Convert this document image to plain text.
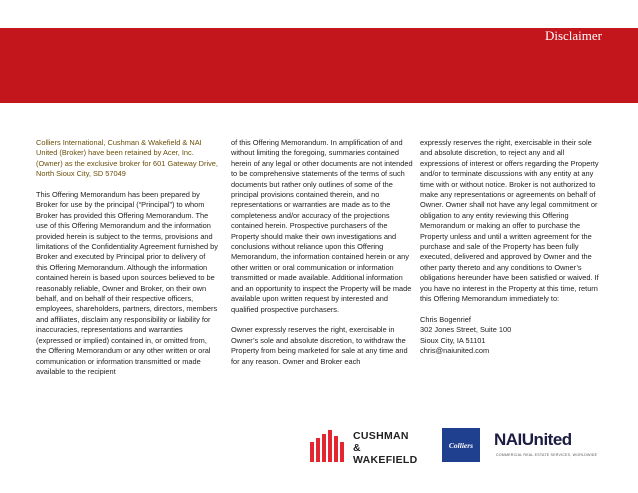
Disclaimer

Colliers International, Cushman & Wakefield & NAI United (Broker) have been retained by Acer, Inc. (Owner) as the exclusive broker for 601 Gateway Drive, North Sioux City, SD 57049

This Offering Memorandum has been prepared by Broker for use by the principal (“Principal”) to whom Broker has provided this Offering Memorandum. The use of this Offering Memorandum and the information provided herein is subject to the terms, provisions and limitations of the Confidentiality Agreement furnished by Broker and executed by Principal prior to delivery of this Offering Memorandum. Although the information contained herein is based upon sources believed to be reasonably reliable, Owner and Broker, on their own behalf, and on behalf of their respective officers, employees, shareholders, partners, directors, members and affiliates, disclaim any responsibility or liability for inaccuracies, representations and warranties (expressed or implied) contained in, or omitted from, the Offering Memorandum or any other written or oral communication or information transmitted or made available to the recipient

of this Offering Memorandum. In amplification of and without limiting the foregoing, summaries contained herein of any legal or other documents are not intended to be comprehensive statements of the terms of such documents but rather only outlines of some of the principal provisions contained therein, and no representations or warranties are made as to the completeness and/or accuracy of the projections contained herein. Prospective purchasers of the Property should make their own investigations and conclusions without reliance upon this Offering Memorandum, the information contained herein or any other written or oral communication or information transmitted or made available. Additional information and an opportunity to inspect the Property will be made available upon written request by interested and qualified prospective purchasers.

Owner expressly reserves the right, exercisable in Owner’s sole and absolute discretion, to withdraw the Property from being marketed for sale at any time and for any reason. Owner and Broker each

expressly reserves the right, exercisable in their sole and absolute discretion, to reject any and all expressions of interest or offers regarding the Property and/or to terminate discussions with any entity at any time with or without notice. Broker is not authorized to make any representations or agreements on behalf of Owner. Owner shall not have any legal commitment or obligation to any entity reviewing this Offering Memorandum or making an offer to purchase the Property unless and until a written agreement for the purchase and sale of the Property has been fully executed, delivered and approved by Owner and the other party thereto and any conditions to Owner’s obligations hereunder have been satisfied or waived. If you have no interest in the Property at this time, return this Offering Memorandum immediately to:

Chris Bogenrief
302 Jones Street, Suite 100
Sioux City, IA 51101
chris@naiunited.com

CUSHMAN &
WAKEFIELD
Colliers	NAIUnited
COMMERCIAL REAL ESTATE SERVICES, WORLDWIDE
